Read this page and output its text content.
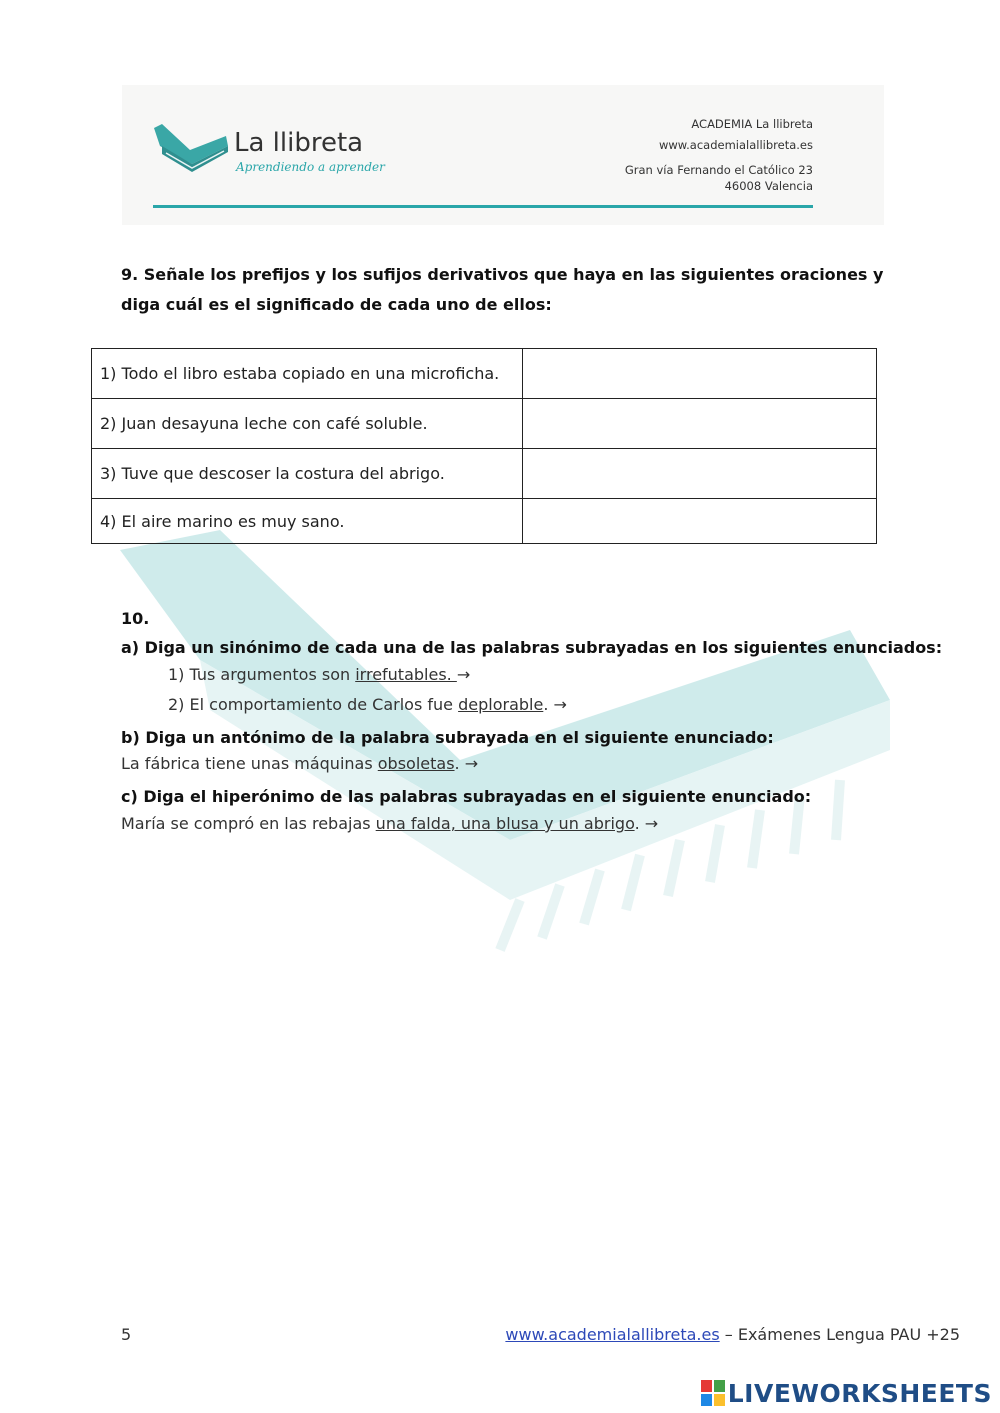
La llibreta
Aprendiendo a aprender
ACADEMIA La llibreta
www.academialallibreta.es
Gran vía Fernando el Católico 23
46008 Valencia
9. Señale los prefijos y los sufijos derivativos que haya en las siguientes oraciones y diga cuál es el significado de cada uno de ellos:
1) Todo el libro estaba copiado en una microficha.	
2) Juan desayuna leche con café soluble.	
3) Tuve que descoser la costura del abrigo.	
4) El aire marino es muy sano.	
10.
a) Diga un sinónimo de cada una de las palabras subrayadas en los siguientes enunciados:
1) Tus argumentos son irrefutables. →
2) El comportamiento de Carlos fue deplorable. →
b) Diga un antónimo de la palabra subrayada en el siguiente enunciado:
La fábrica tiene unas máquinas obsoletas. →
c) Diga el hiperónimo de las palabras subrayadas en el siguiente enunciado:
María se compró en las rebajas una falda, una blusa y un abrigo. →
5	www.academialallibreta.es – Exámenes Lengua PAU +25
LIVEWORKSHEETS
